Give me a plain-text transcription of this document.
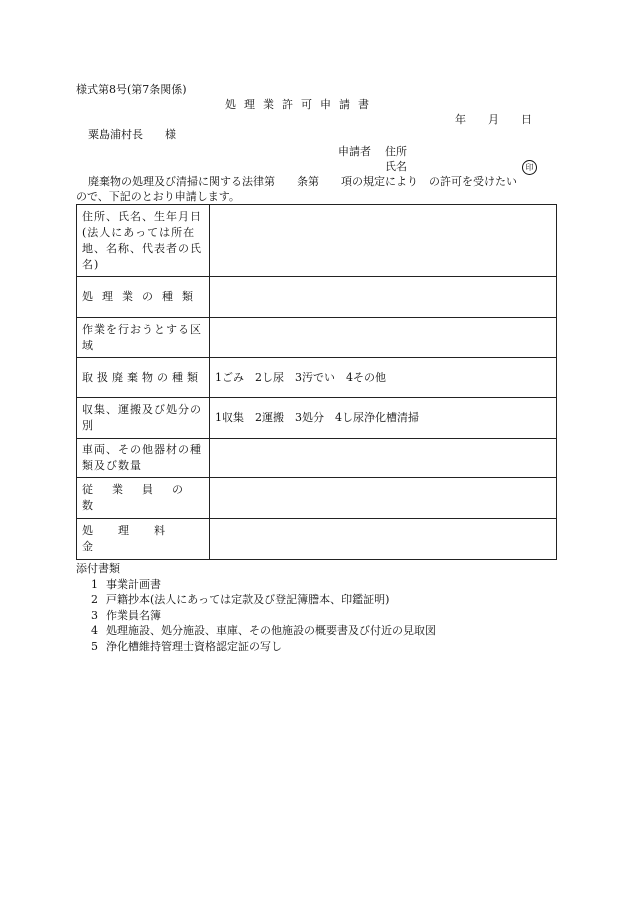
様式第8号(第7条関係)
処理業許可申請書
年　　月　　日
粟島浦村長　　様
申請者 住所
氏名	印
廃棄物の処理及び清掃に関する法律第　　条第　　項の規定により　の許可を受けたい
ので、下記のとおり申請します。
住所、氏名、生年月日(法人にあっては所在地、名称、代表者の氏名)	
処理業の種類	
作業を行おうとする区域	
取扱廃棄物の種類	1ごみ　2し尿　3汚でい　4その他
収集、運搬及び処分の別	1収集　2運搬　3処分　4し尿浄化槽清掃
車両、その他器材の種類及び数量	
従業員の数	
処理料金	
添付書類
1 事業計画書
2 戸籍抄本(法人にあっては定款及び登記簿謄本、印鑑証明)
3 作業員名簿
4 処理施設、処分施設、車庫、その他施設の概要書及び付近の見取図
5 浄化槽維持管理士資格認定証の写し
